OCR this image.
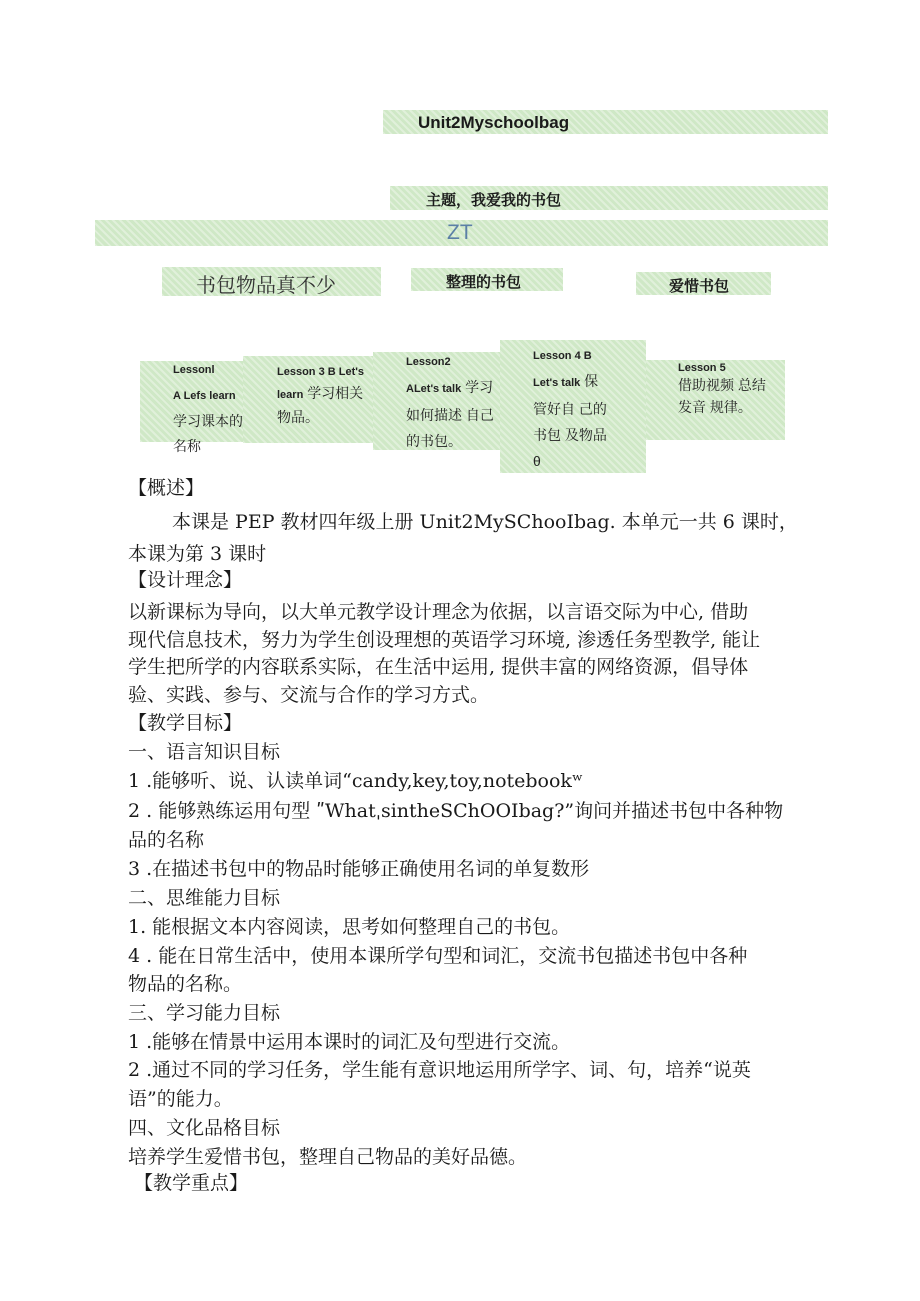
Unit2Myschoolbag
主题，我爱我的书包
ZT
书包物品真不少	整理的书包	爱惜书包
Lessonl
A Lefs learn学习课本的名称
Lesson 3 B Let's
learn 学习相关物品。
Lesson2
ALet's talk 学习如何描述 自己的书包。
Lesson 4 B
Let's talk 保管好自 己的书包 及物品 θ
Lesson 5
借助视频 总结发音 规律。
【概述】
本课是 PEP 教材四年级上册 Unit2MySChooIbag. 本单元一共 6 课时，
本课为第 3 课时
【设计理念】
以新课标为导向，以大单元教学设计理念为依据，以言语交际为中心, 借助
现代信息技术，努力为学生创设理想的英语学习环境, 渗透任务型教学, 能让
学生把所学的内容联系实际，在生活中运用, 提供丰富的网络资源，倡导体
验、实践、参与、交流与合作的学习方式。
【教学目标】
一、语言知识目标
1 .能够听、说、认读单词“candy,key,toy,notebookʷ
2 . 能够熟练运用句型 ʺWhatˌsintheSChOOIbag?”询问并描述书包中各种物
品的名称
3 .在描述书包中的物品时能够正确使用名词的单复数形
二、思维能力目标
1. 能根据文本内容阅读，思考如何整理自己的书包。
4 . 能在日常生活中，使用本课所学句型和词汇，交流书包描述书包中各种
物品的名称。
三、学习能力目标
1 .能够在情景中运用本课时的词汇及句型进行交流。
2 .通过不同的学习任务，学生能有意识地运用所学字、词、句，培养“说英
语”的能力。
四、文化品格目标
培养学生爱惜书包，整理自己物品的美好品德。
【教学重点】
